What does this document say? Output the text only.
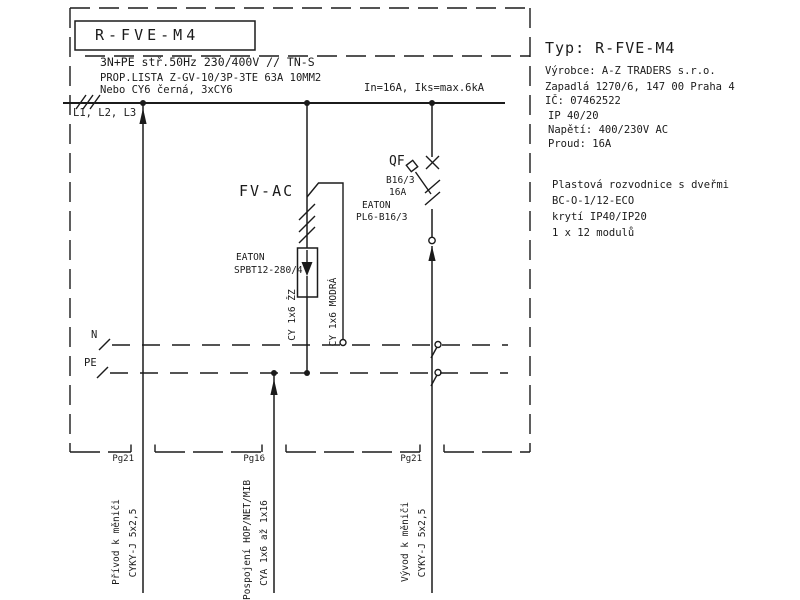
R-FVE-M4
3N+PE stř.50Hz 230/400V // TN-S
PROP.LISTA Z-GV-10/3P-3TE 63A 10MM2
Nebo CY6 černá, 3xCY6
L1, L2, L3
In=16A, Iks=max.6kA
Typ: R-FVE-M4
Výrobce: A-Z TRADERS s.r.o.
Zapadlá 1270/6, 147 00 Praha 4
IČ: 07462522
IP 40/20
Napětí: 400/230V AC
Proud: 16A
Plastová rozvodnice s dveřmi
BC-O-1/12-ECO
krytí IP40/IP20
1 x 12 modulů
FV-AC
EATON
SPBT12-280/4
CY 1x6 ŽZ	CY 1x6 MODRÁ
QF
B16/3
16A
EATON
PL6-B16/3
N
PE
Pg21	Pg16	Pg21
Přívod k měniči CYKY-J 5x2,5	Pospojení HOP/NET/MIB CYA 1x6 až 1x16	Vývod k měniči CYKY-J 5x2,5
